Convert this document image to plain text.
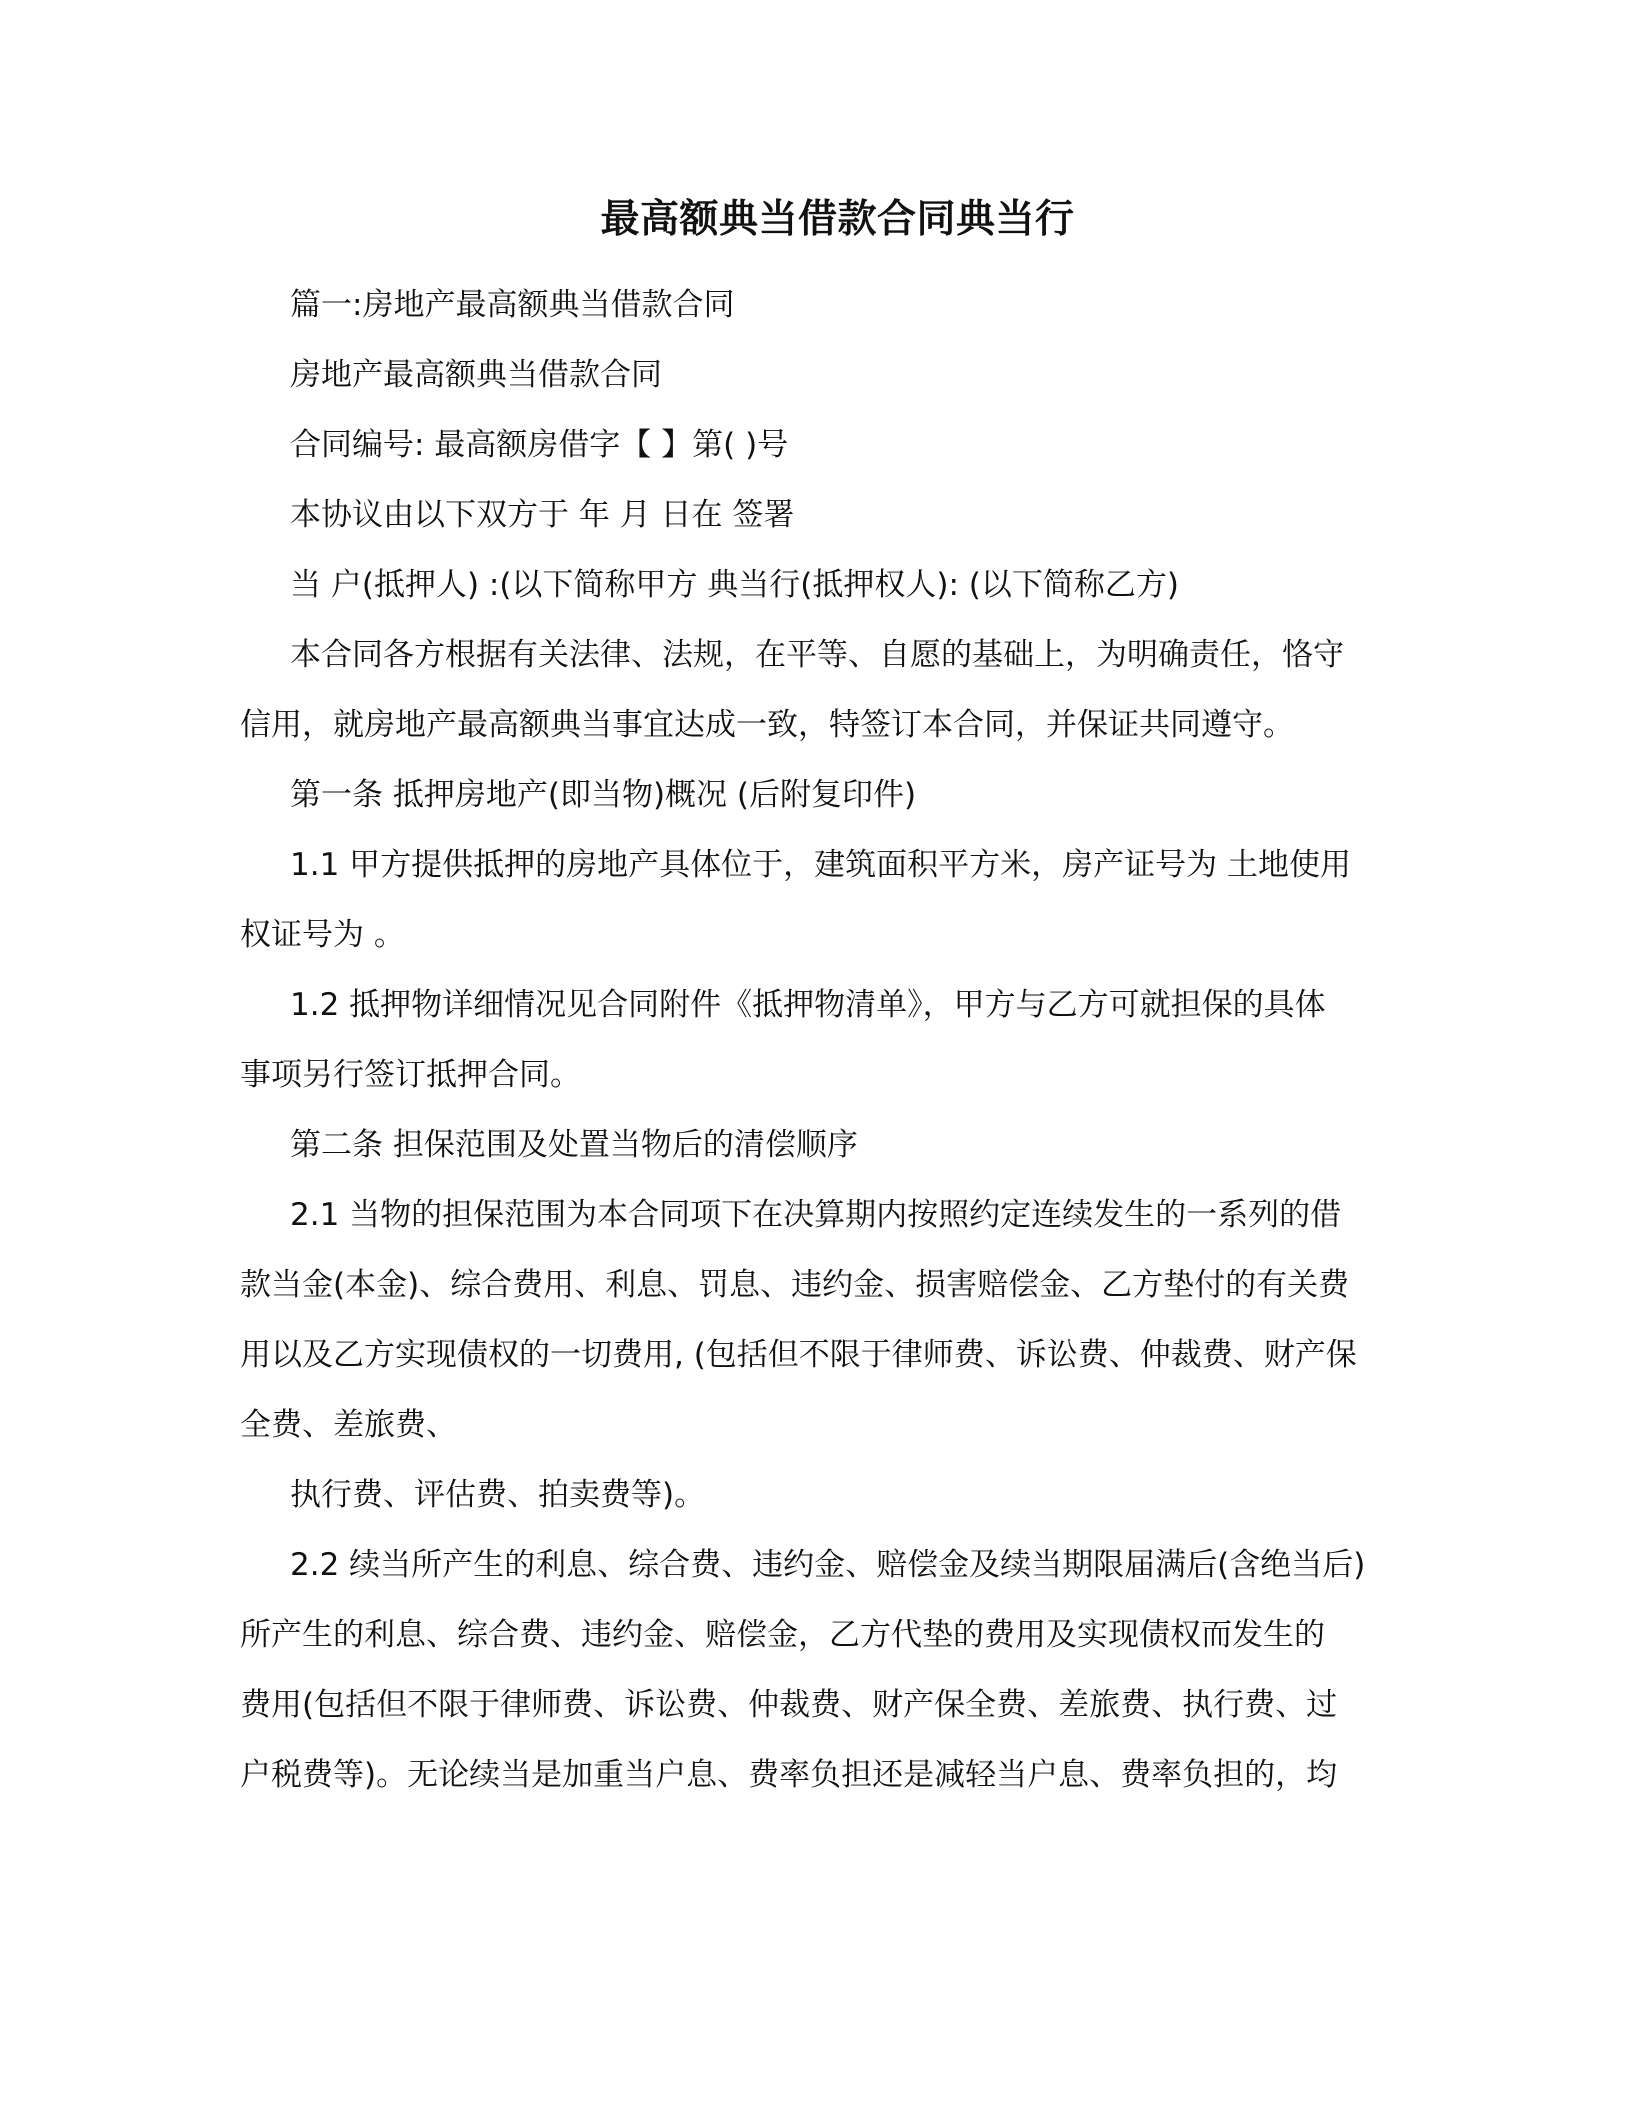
最高额典当借款合同典当行
篇一:房地产最高额典当借款合同
房地产最高额典当借款合同
合同编号: 最高额房借字【 】第( )号
本协议由以下双方于 年 月 日在 签署
当 户(抵押人) :(以下简称甲方 典当行(抵押权人): (以下简称乙方)
本合同各方根据有关法律、法规，在平等、自愿的基础上，为明确责任，恪守
信用，就房地产最高额典当事宜达成一致，特签订本合同，并保证共同遵守。
第一条 抵押房地产(即当物)概况 (后附复印件)
1.1 甲方提供抵押的房地产具体位于，建筑面积平方米，房产证号为 土地使用
权证号为 。
1.2 抵押物详细情况见合同附件《抵押物清单》，甲方与乙方可就担保的具体
事项另行签订抵押合同。
第二条 担保范围及处置当物后的清偿顺序
2.1 当物的担保范围为本合同项下在决算期内按照约定连续发生的一系列的借
款当金(本金)、综合费用、利息、罚息、违约金、损害赔偿金、乙方垫付的有关费
用以及乙方实现债权的一切费用, (包括但不限于律师费、诉讼费、仲裁费、财产保
全费、差旅费、
执行费、评估费、拍卖费等)。
2.2 续当所产生的利息、综合费、违约金、赔偿金及续当期限届满后(含绝当后)
所产生的利息、综合费、违约金、赔偿金，乙方代垫的费用及实现债权而发生的
费用(包括但不限于律师费、诉讼费、仲裁费、财产保全费、差旅费、执行费、过
户税费等)。无论续当是加重当户息、费率负担还是减轻当户息、费率负担的，均
